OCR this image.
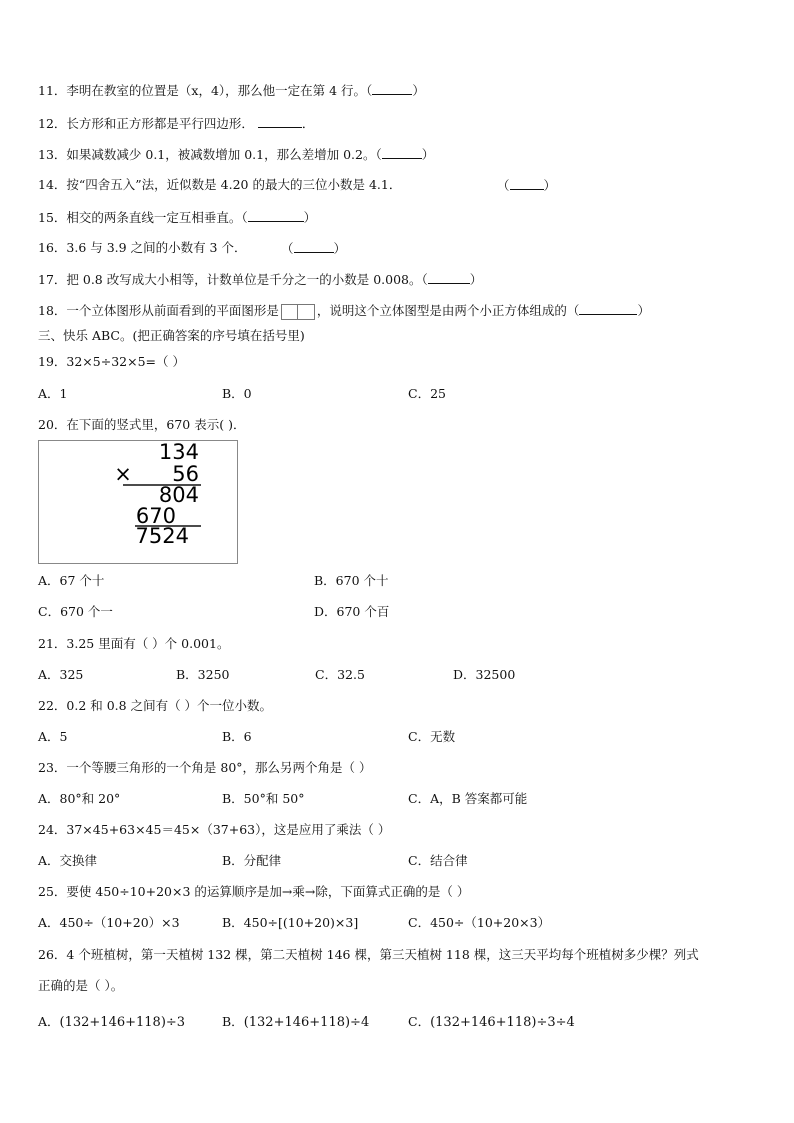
11．李明在教室的位置是（x，4），那么他一定在第 4 行。（	）
12．长方形和正方形都是平行四边形．	．
13．如果减数减少 0.1，被减数增加 0.1，那么差增加 0.2。（	）
14．按“四舍五入”法，近似数是 4.20 的最大的三位小数是 4.1．	（	）
15．相交的两条直线一定互相垂直。（	）
16．3.6 与 3.9 之间的小数有 3 个．	（	）
17．把 0.8 改写成大小相等，计数单位是千分之一的小数是 0.008。（	）
18．一个立体图形从前面看到的平面图形是	，说明这个立体图型是由两个小正方体组成的（	）
三、快乐 ABC。(把正确答案的序号填在括号里)
19．32×5÷32×5=（ ）
A．1	B．0	C．25
20．在下面的竖式里，670 表示( )．
134
× 56
804
670
7524
A．67 个十	B．670 个十
C．670 个一	D．670 个百
21．3.25 里面有（ ）个 0.001。
A．325	B．3250	C．32.5	D．32500
22．0.2 和 0.8 之间有（ ）个一位小数。
A．5	B．6	C．无数
23．一个等腰三角形的一个角是 80°，那么另两个角是（ ）
A．80°和 20°	B．50°和 50°	C．A，B 答案都可能
24．37×45+63×45＝45×（37+63），这是应用了乘法（ ）
A．交换律	B．分配律	C．结合律
25．要使 450÷10+20×3 的运算顺序是加→乘→除，下面算式正确的是（ ）
A．450÷（10+20）×3	B．450÷[(10+20)×3]	C．450÷（10+20×3）
26．4 个班植树，第一天植树 132 棵，第二天植树 146 棵，第三天植树 118 棵，这三天平均每个班植树多少棵？列式
正确的是（ ）。
A．(132+146+118)÷3	B．(132+146+118)÷4	C．(132+146+118)÷3÷4
